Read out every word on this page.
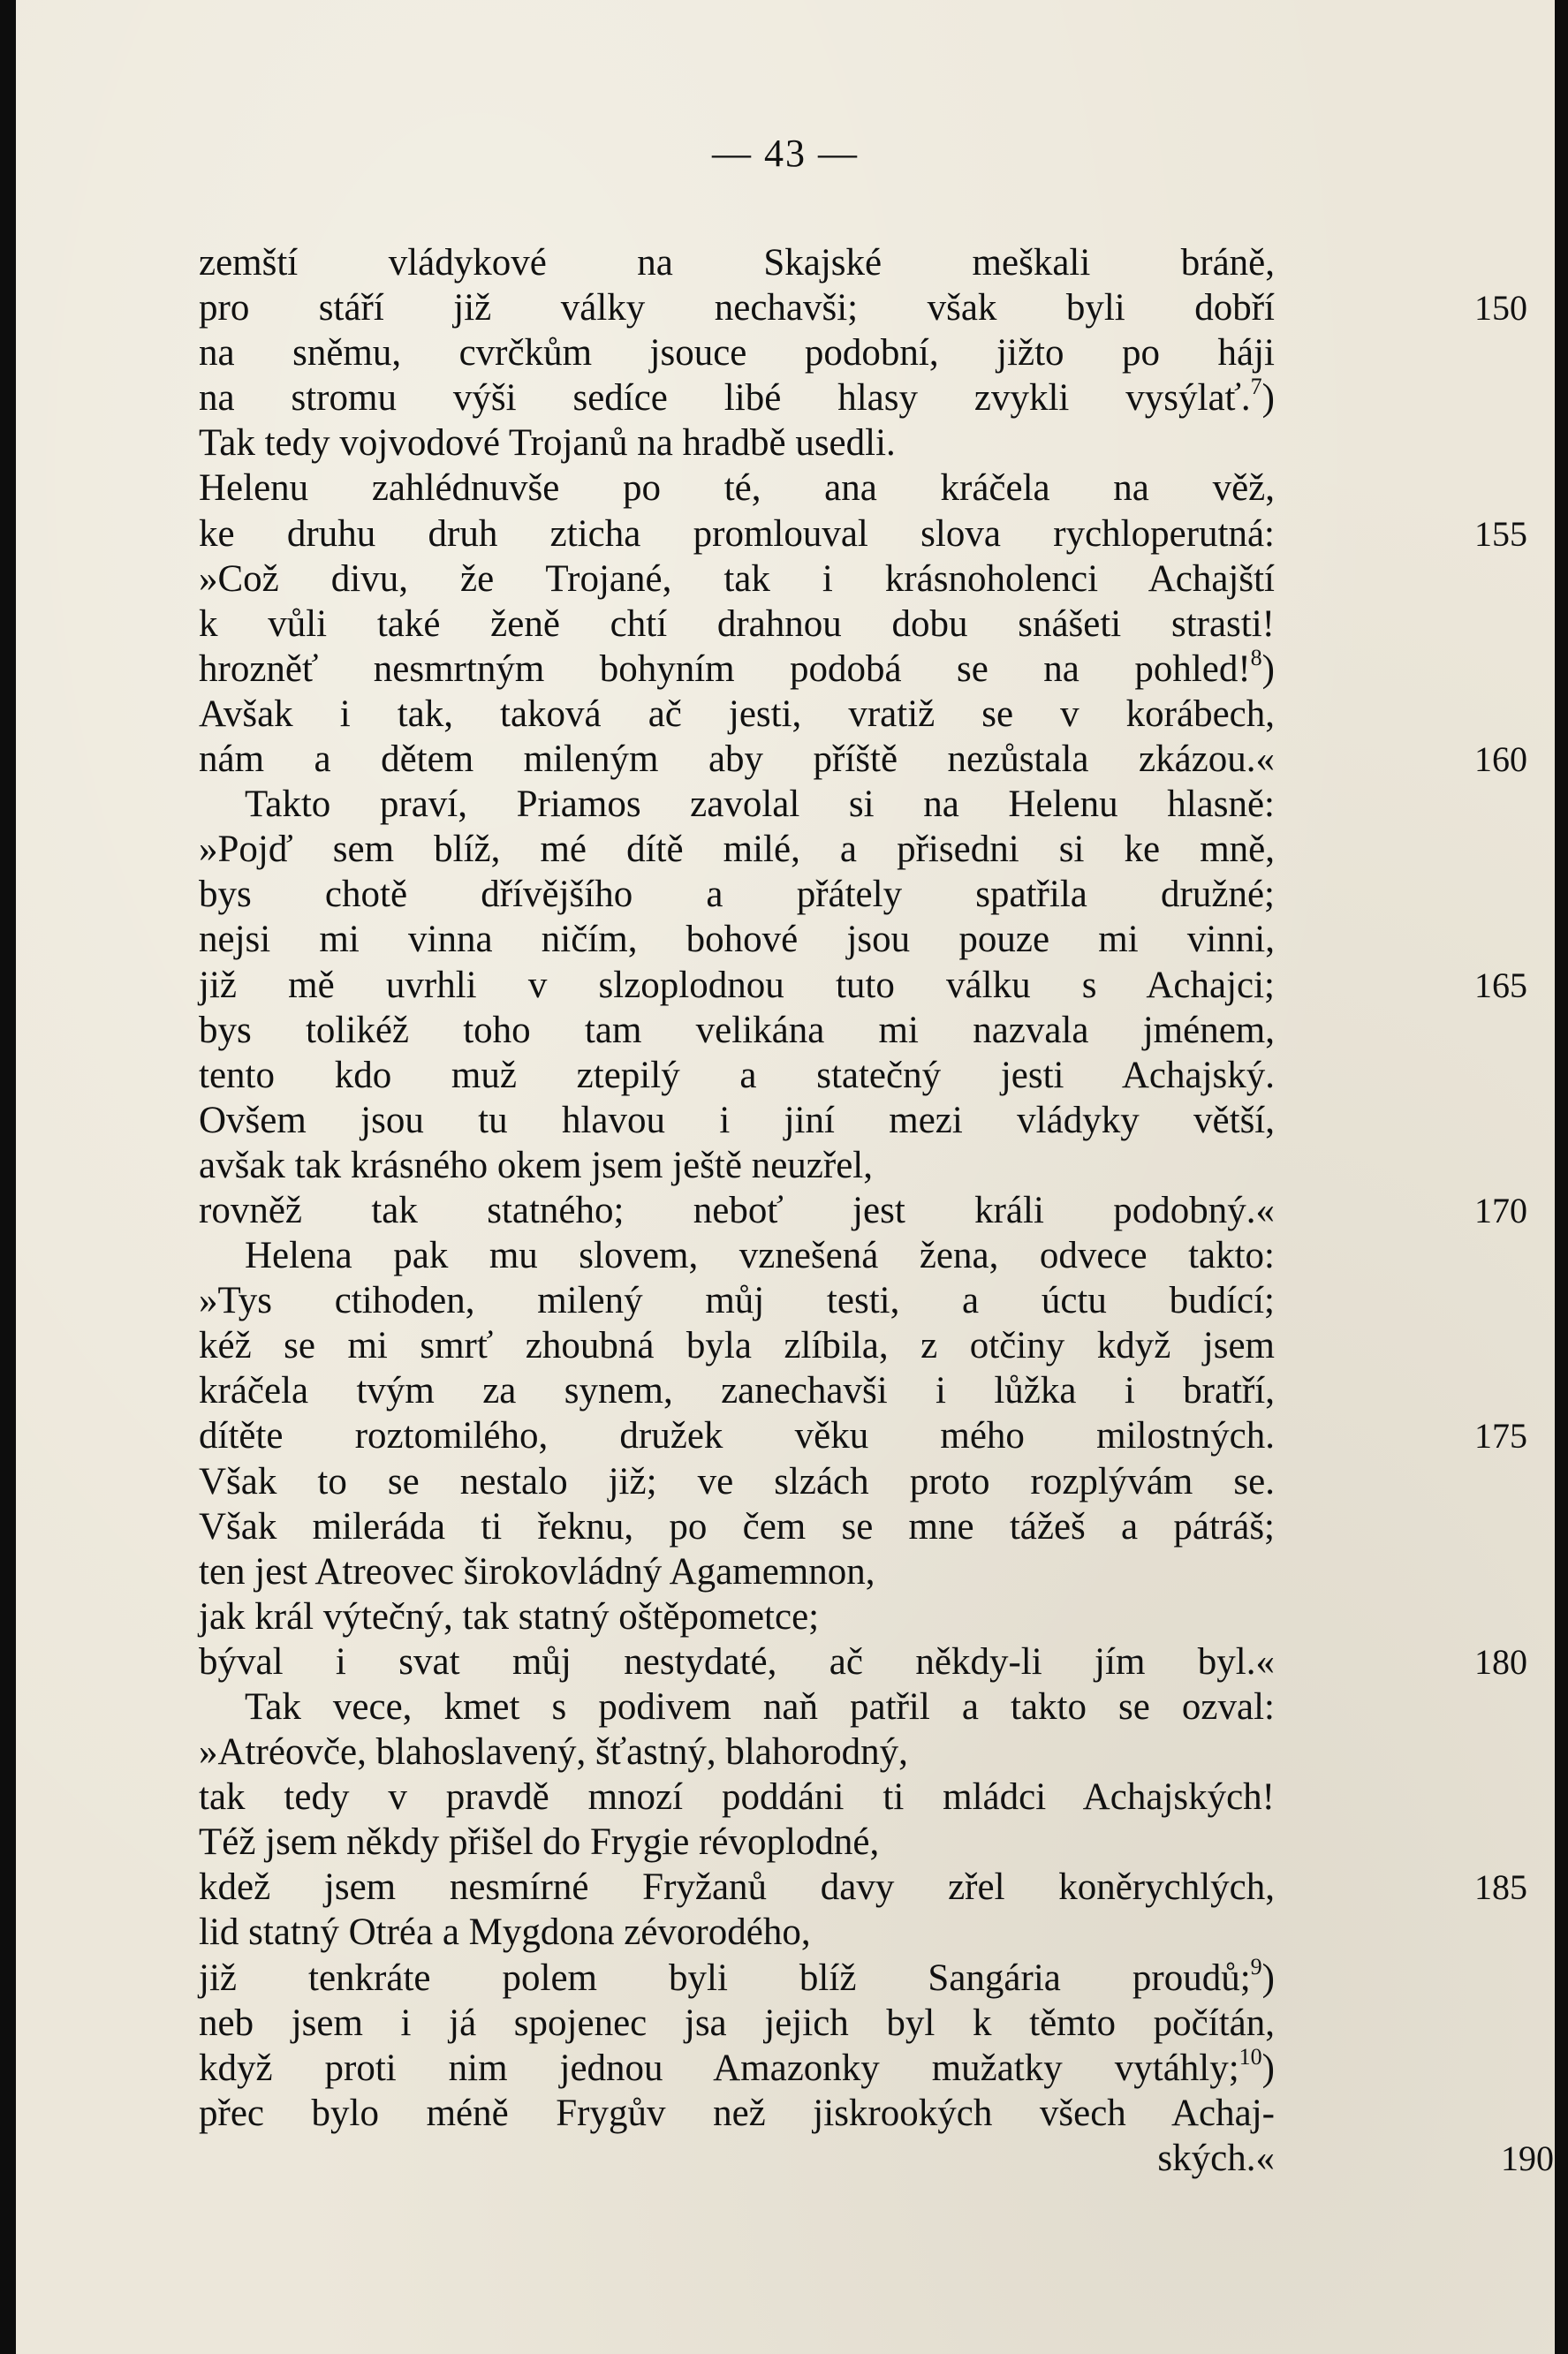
— 43 —
zemští vládykové na Skajské meškali bráně,
pro stáří již války nechavši; však byli dobří	150
na sněmu, cvrčkům jsouce podobní, jižto po háji
na stromu výši sedíce libé hlasy zvykli vysýlať.$^7$)
Tak tedy vojvodové Trojanů na hradbě usedli.
Helenu zahlédnuvše po té, ana kráčela na věž,
ke druhu druh zticha promlouval slova rychloperutná:	155
»Což divu, že Trojané, tak i krásnoholenci Achajští
k vůli také ženě chtí drahnou dobu snášeti strasti!
hrozněť nesmrtným bohyním podobá se na pohled!$^8$)
Avšak i tak, taková ač jesti, vratiž se v korábech,
nám a dětem mileným aby příště nezůstala zkázou.«	160
Takto praví, Priamos zavolal si na Helenu hlasně:
»Pojď sem blíž, mé dítě milé, a přisedni si ke mně,
bys chotě dřívějšího a přátely spatřila družné;
nejsi mi vinna ničím, bohové jsou pouze mi vinni,
již mě uvrhli v slzoplodnou tuto válku s Achajci;	165
bys tolikéž toho tam velikána mi nazvala jménem,
tento kdo muž ztepilý a statečný jesti Achajský.
Ovšem jsou tu hlavou i jiní mezi vládyky větší,
avšak tak krásného okem jsem ještě neuzřel,
rovněž tak statného; neboť jest králi podobný.«	170
Helena pak mu slovem, vznešená žena, odvece takto:
»Tys ctihoden, milený můj testi, a úctu budící;
kéž se mi smrť zhoubná byla zlíbila, z otčiny když jsem
kráčela tvým za synem, zanechavši i lůžka i bratří,
dítěte roztomilého, družek věku mého milostných.	175
Však to se nestalo již; ve slzách proto rozplývám se.
Však mileráda ti řeknu, po čem se mne tážeš a pátráš;
ten jest Atreovec širokovládný Agamemnon,
jak král výtečný, tak statný oštěpometce;
býval i svat můj nestydaté, ač někdy-li jím byl.«	180
Tak vece, kmet s podivem naň patřil a takto se ozval:
»Atréovče, blahoslavený, šťastný, blahorodný,
tak tedy v pravdě mnozí poddáni ti mládci Achajských!
Též jsem někdy přišel do Frygie révoplodné,
kdež jsem nesmírné Fryžanů davy zřel koněrychlých,	185
lid statný Otréa a Mygdona zévorodého,
již tenkráte polem byli blíž Sangária proudů;$^9$)
neb jsem i já spojenec jsa jejich byl k těmto počítán,
když proti nim jednou Amazonky mužatky vytáhly;$^{10}$)
přec bylo méně Frygův než jiskrookých všech Achaj-
ských.«	190
